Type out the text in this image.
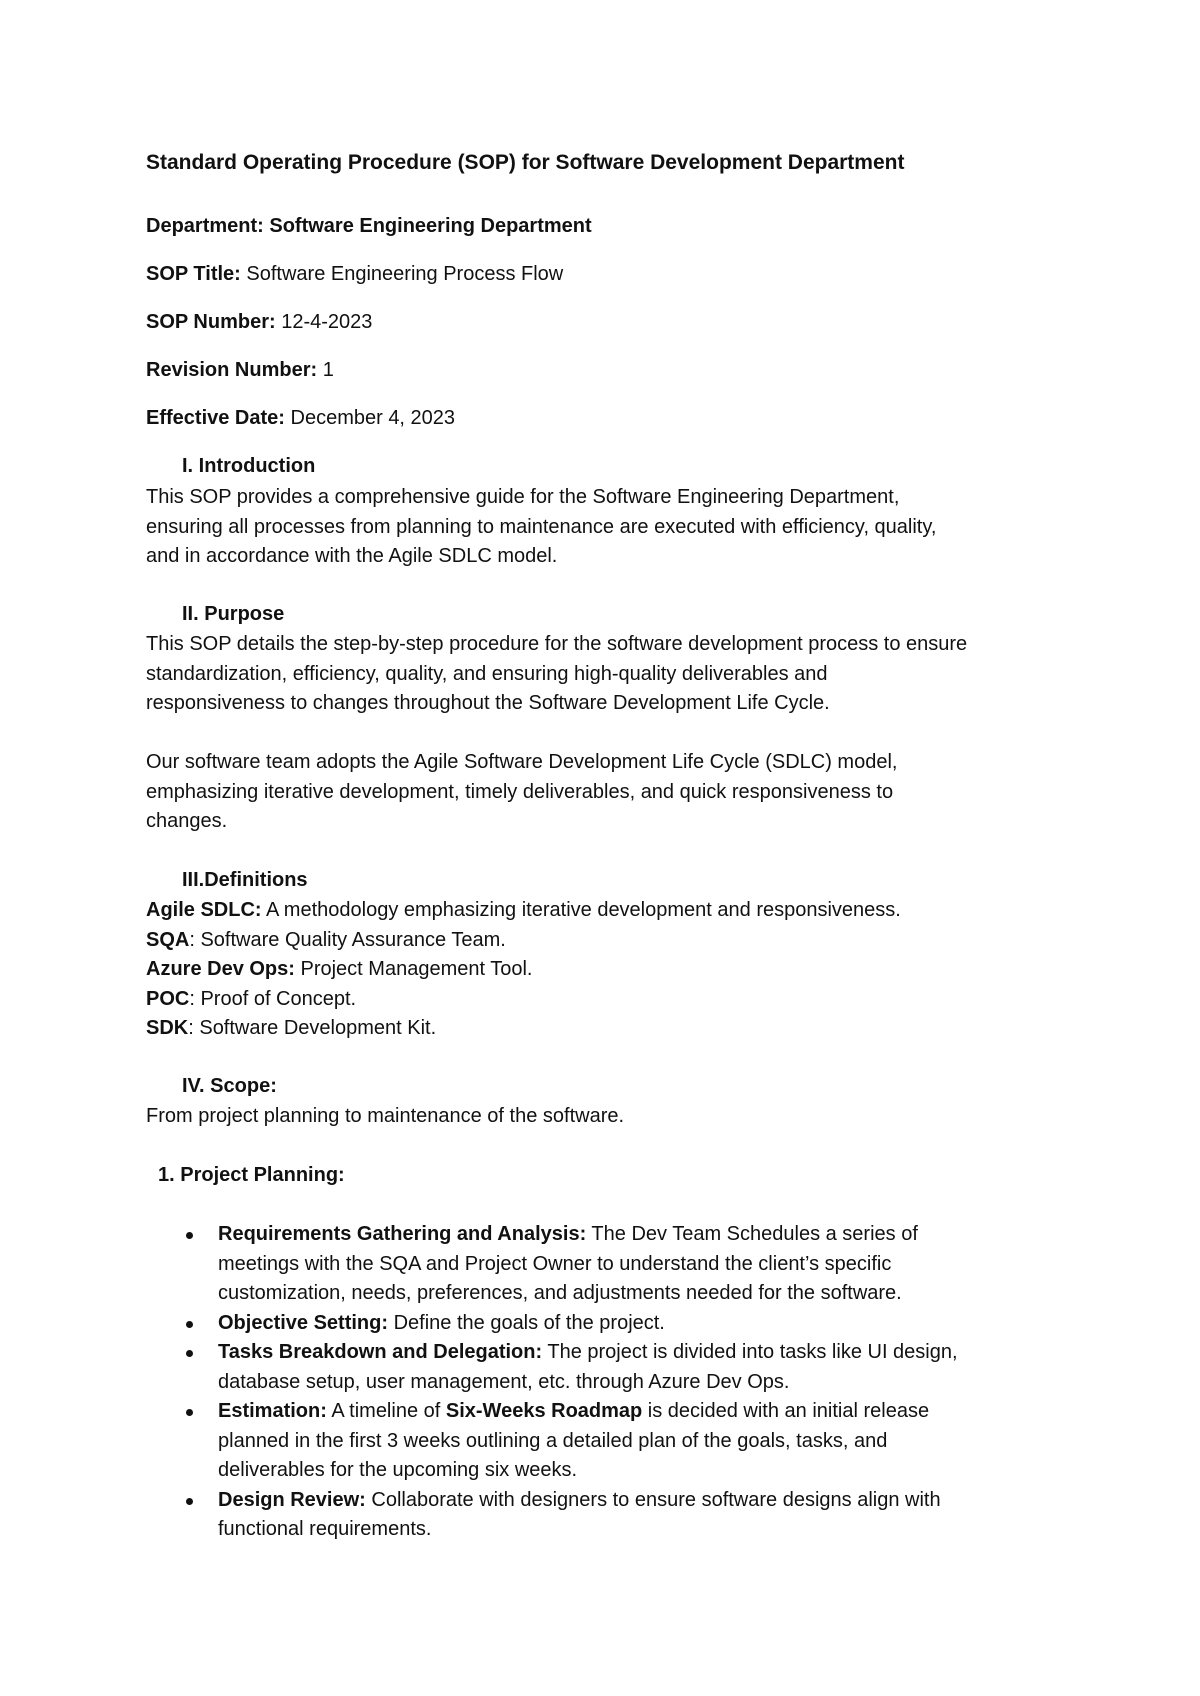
Standard Operating Procedure (SOP) for Software Development Department
Department: Software Engineering Department
SOP Title: Software Engineering Process Flow
SOP Number: 12-4-2023
Revision Number: 1
Effective Date: December 4, 2023
I. Introduction
This SOP provides a comprehensive guide for the Software Engineering Department,
ensuring all processes from planning to maintenance are executed with efficiency, quality,
and in accordance with the Agile SDLC model.
II. Purpose
This SOP details the step-by-step procedure for the software development process to ensure
standardization, efficiency, quality, and ensuring high-quality deliverables and
responsiveness to changes throughout the Software Development Life Cycle.
Our software team adopts the Agile Software Development Life Cycle (SDLC) model,
emphasizing iterative development, timely deliverables, and quick responsiveness to
changes.
III.Definitions
Agile SDLC: A methodology emphasizing iterative development and responsiveness.
SQA: Software Quality Assurance Team.
Azure Dev Ops: Project Management Tool.
POC: Proof of Concept.
SDK: Software Development Kit.
IV. Scope:
From project planning to maintenance of the software.
1. Project Planning:
Requirements Gathering and Analysis: The Dev Team Schedules a series of
meetings with the SQA and Project Owner to understand the client’s specific
customization, needs, preferences, and adjustments needed for the software.
Objective Setting: Define the goals of the project.
Tasks Breakdown and Delegation: The project is divided into tasks like UI design,
database setup, user management, etc. through Azure Dev Ops.
Estimation: A timeline of Six-Weeks Roadmap is decided with an initial release
planned in the first 3 weeks outlining a detailed plan of the goals, tasks, and
deliverables for the upcoming six weeks.
Design Review: Collaborate with designers to ensure software designs align with
functional requirements.
